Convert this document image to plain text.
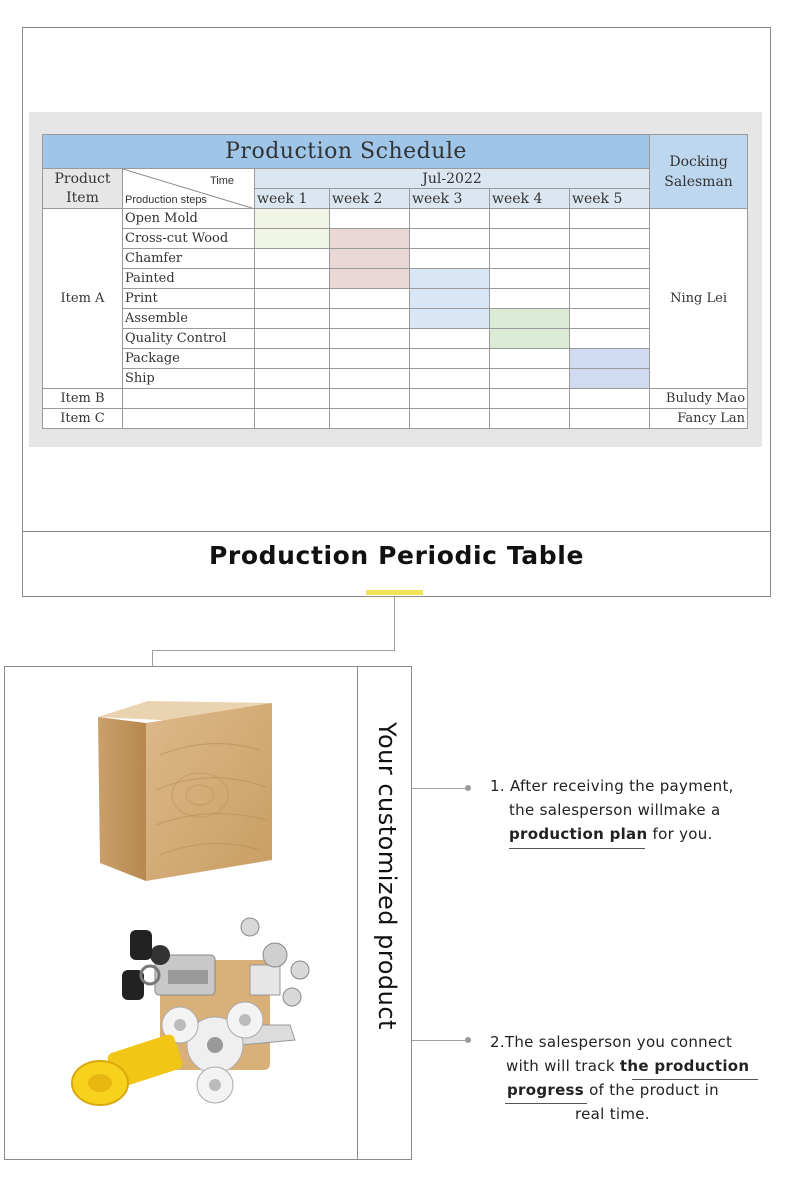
Production Schedule							Docking Salesman
Product Item	Time
Production steps	Jul-2022					
		week 1	week 2	week 3	week 4	week 5	
Item A	Open Mold						Ning Lei
	Cross-cut Wood						
	Chamfer						
	Painted						
	Print						
	Assemble						
	Quality Control						
	Package						
	Ship						
Item B							Buludy Mao
Item C							Fancy Lan
Production Periodic Table
Your customized product	1. After receiving the payment,
the salesperson willmake a
production plan for you.
2.The salesperson you connect
with will track the production
progress of the product in
real time.
